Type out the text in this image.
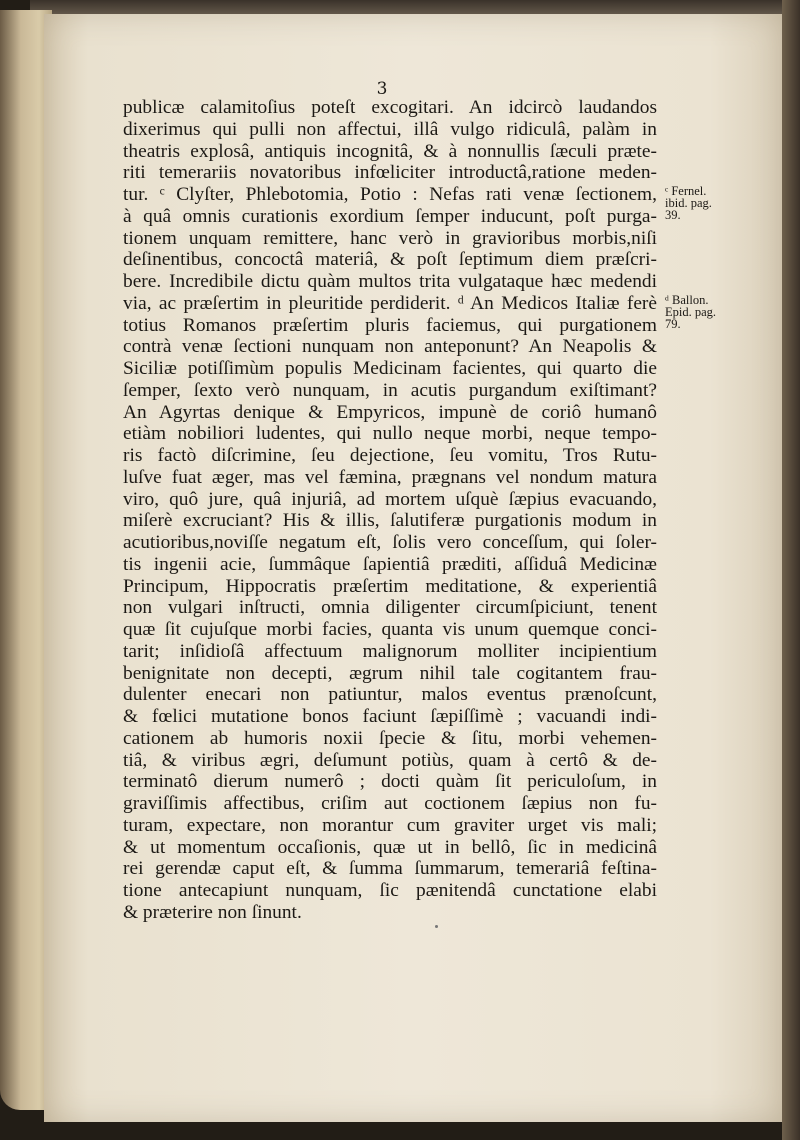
3
publicæ calamitoſius poteſt excogitari. An idcircò laudandos
dixerimus qui pulli non affectui, illâ vulgo ridiculâ, palàm in
theatris explosâ, antiquis incognitâ, & à nonnullis ſæculi præte-
riti temerariis novatoribus infœliciter introductâ,ratione meden-
tur. ᶜ Clyſter, Phlebotomia, Potio : Nefas rati venæ ſectionem,
à quâ omnis curationis exordium ſemper inducunt, poſt purga-
tionem unquam remittere, hanc verò in gravioribus morbis,niſi
deſinentibus, concoctâ materiâ, & poſt ſeptimum diem præſcri-
bere. Incredibile dictu quàm multos trita vulgataque hæc medendi
via, ac præſertim in pleuritide perdiderit. ᵈ An Medicos Italiæ ferè
totius Romanos præſertim pluris faciemus, qui purgationem
contrà venæ ſectioni nunquam non anteponunt? An Neapolis &
Siciliæ potiſſimùm populis Medicinam facientes, qui quarto die
ſemper, ſexto verò nunquam, in acutis purgandum exiſtimant?
An Agyrtas denique & Empyricos, impunè de coriô humanô
etiàm nobiliori ludentes, qui nullo neque morbi, neque tempo-
ris factò diſcrimine, ſeu dejectione, ſeu vomitu, Tros Rutu-
luſve fuat æger, mas vel fæmina, prægnans vel nondum matura
viro, quô jure, quâ injuriâ, ad mortem uſquè ſæpius evacuando,
miſerè excruciant? His & illis, ſalutiferæ purgationis modum in
acutioribus,noviſſe negatum eſt, ſolis vero conceſſum, qui ſoler-
tis ingenii acie, ſummâque ſapientiâ præditi, aſſiduâ Medicinæ
Principum, Hippocratis præſertim meditatione, & experientiâ
non vulgari inſtructi, omnia diligenter circumſpiciunt, tenent
quæ ſit cujuſque morbi facies, quanta vis unum quemque conci-
tarit; inſidioſâ affectuum malignorum molliter incipientium
benignitate non decepti, ægrum nihil tale cogitantem frau-
dulenter enecari non patiuntur, malos eventus prænoſcunt,
& fœlici mutatione bonos faciunt ſæpiſſimè ; vacuandi indi-
cationem ab humoris noxii ſpecie & ſitu, morbi vehemen-
tiâ, & viribus ægri, deſumunt potiùs, quam à certô & de-
terminatô dierum numerô ; docti quàm ſit periculoſum, in
graviſſimis affectibus, criſim aut coctionem ſæpius non fu-
turam, expectare, non morantur cum graviter urget vis mali;
& ut momentum occaſionis, quæ ut in bellô, ſic in medicinâ
rei gerendæ caput eſt, & ſumma ſummarum, temerariâ feſtina-
tione antecapiunt nunquam, ſic pænitendâ cunctatione elabi
& præterire non ſinunt.
ᶜ Fernel.
ibid. pag.
39.
ᵈ Ballon.
Epid. pag.
79.
